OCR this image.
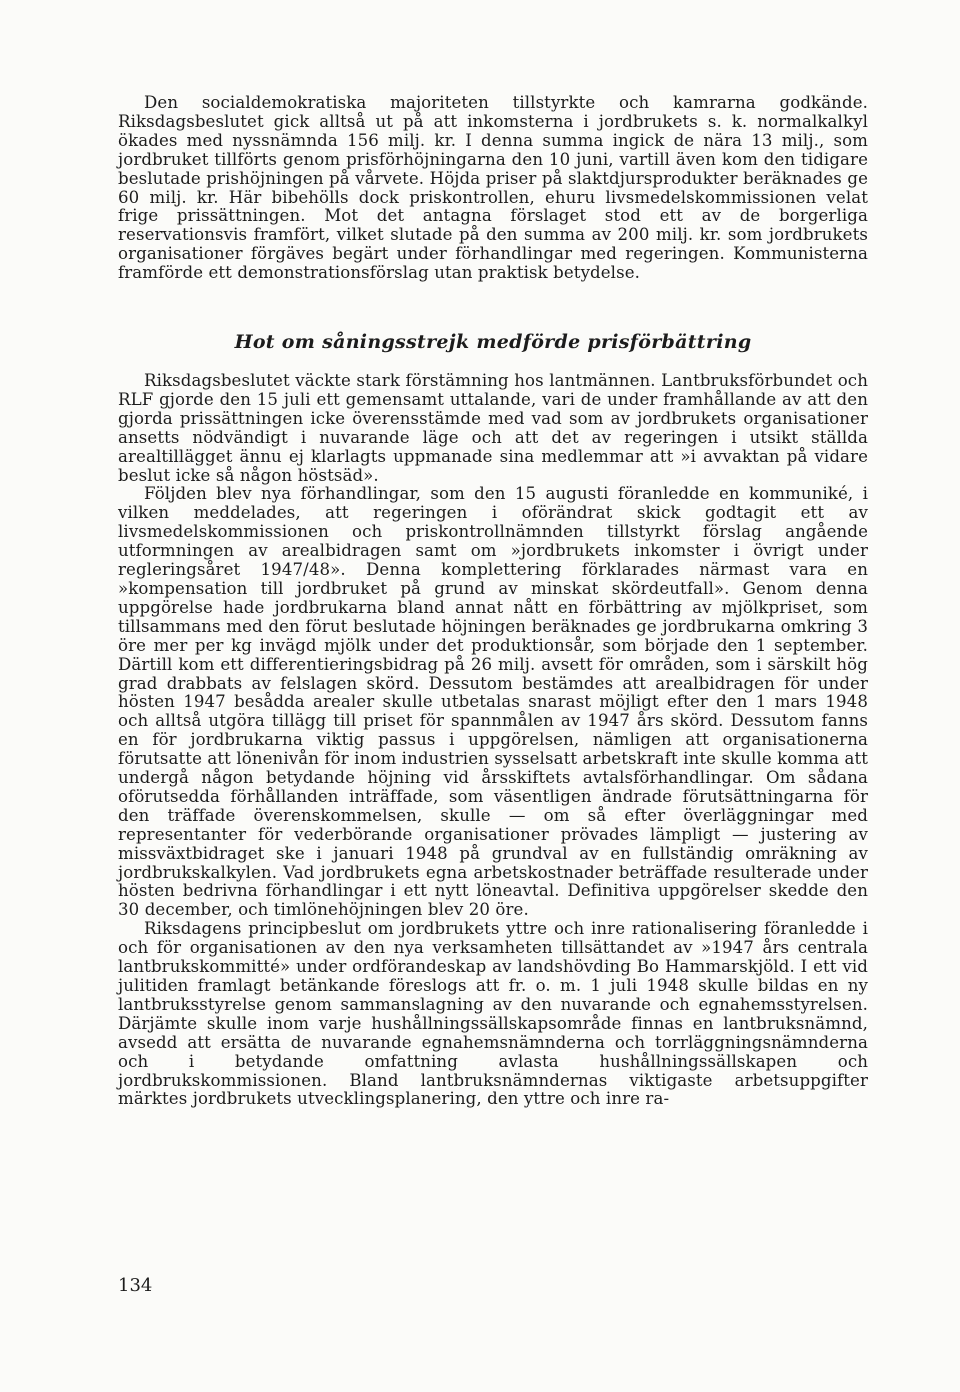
Den socialdemokratiska majoriteten tillstyrkte och kamrarna godkände. Riksdagsbeslutet gick alltså ut på att inkomsterna i jordbrukets s. k. normalkalkyl ökades med nyssnämnda 156 milj. kr. I denna summa ingick de nära 13 milj., som jordbruket tillförts genom prisförhöjningarna den 10 juni, vartill även kom den tidigare beslutade prishöjningen på vårvete. Höjda priser på slaktdjursprodukter beräknades ge 60 milj. kr. Här bibehölls dock priskontrollen, ehuru livsmedelskommissionen velat frige prissättningen. Mot det antagna förslaget stod ett av de borgerliga reservationsvis framfört, vilket slutade på den summa av 200 milj. kr. som jordbrukets organisationer förgäves begärt under förhandlingar med regeringen. Kommunisterna framförde ett demonstrationsförslag utan praktisk betydelse.

Hot om såningsstrejk medförde prisförbättring

Riksdagsbeslutet väckte stark förstämning hos lantmännen. Lantbruksförbundet och RLF gjorde den 15 juli ett gemensamt uttalande, vari de under framhållande av att den gjorda prissättningen icke överensstämde med vad som av jordbrukets organisationer ansetts nödvändigt i nuvarande läge och att det av regeringen i utsikt ställda arealtillägget ännu ej klarlagts uppmanade sina medlemmar att »i avvaktan på vidare beslut icke så någon höstsäd».

Följden blev nya förhandlingar, som den 15 augusti föranledde en kommuniké, i vilken meddelades, att regeringen i oförändrat skick godtagit ett av livsmedelskommissionen och priskontrollnämnden tillstyrkt förslag angående utformningen av arealbidragen samt om »jordbrukets inkomster i övrigt under regleringsåret 1947/48». Denna komplettering förklarades närmast vara en »kompensation till jordbruket på grund av minskat skördeutfall». Genom denna uppgörelse hade jordbrukarna bland annat nått en förbättring av mjölkpriset, som tillsammans med den förut beslutade höjningen beräknades ge jordbrukarna omkring 3 öre mer per kg invägd mjölk under det produktionsår, som började den 1 september. Därtill kom ett differentieringsbidrag på 26 milj. avsett för områden, som i särskilt hög grad drabbats av felslagen skörd. Dessutom bestämdes att arealbidragen för under hösten 1947 besådda arealer skulle utbetalas snarast möjligt efter den 1 mars 1948 och alltså utgöra tillägg till priset för spannmålen av 1947 års skörd. Dessutom fanns en för jordbrukarna viktig passus i uppgörelsen, nämligen att organisationerna förutsatte att lönenivån för inom industrien sysselsatt arbetskraft inte skulle komma att undergå någon betydande höjning vid årsskiftets avtalsförhandlingar. Om sådana oförutsedda förhållanden inträffade, som väsentligen ändrade förutsättningarna för den träffade överenskommelsen, skulle — om så efter överläggningar med representanter för vederbörande organisationer prövades lämpligt — justering av missväxtbidraget ske i januari 1948 på grundval av en fullständig omräkning av jordbrukskalkylen. Vad jordbrukets egna arbetskostnader beträffade resulterade under hösten bedrivna förhandlingar i ett nytt löneavtal. Definitiva uppgörelser skedde den 30 december, och timlönehöjningen blev 20 öre.

Riksdagens principbeslut om jordbrukets yttre och inre rationalisering föranledde i och för organisationen av den nya verksamheten tillsättandet av »1947 års centrala lantbrukskommitté» under ordförandeskap av landshövding Bo Hammarskjöld. I ett vid julitiden framlagt betänkande föreslogs att fr. o. m. 1 juli 1948 skulle bildas en ny lantbruksstyrelse genom sammanslagning av den nuvarande och egnahemsstyrelsen. Därjämte skulle inom varje hushållningssällskapsområde finnas en lantbruksnämnd, avsedd att ersätta de nuvarande egnahemsnämnderna och torrläggningsnämnderna och i betydande omfattning avlasta hushållningssällskapen och jordbrukskommissionen. Bland lantbruksnämndernas viktigaste arbetsuppgifter märktes jordbrukets utvecklingsplanering, den yttre och inre ra-

134
